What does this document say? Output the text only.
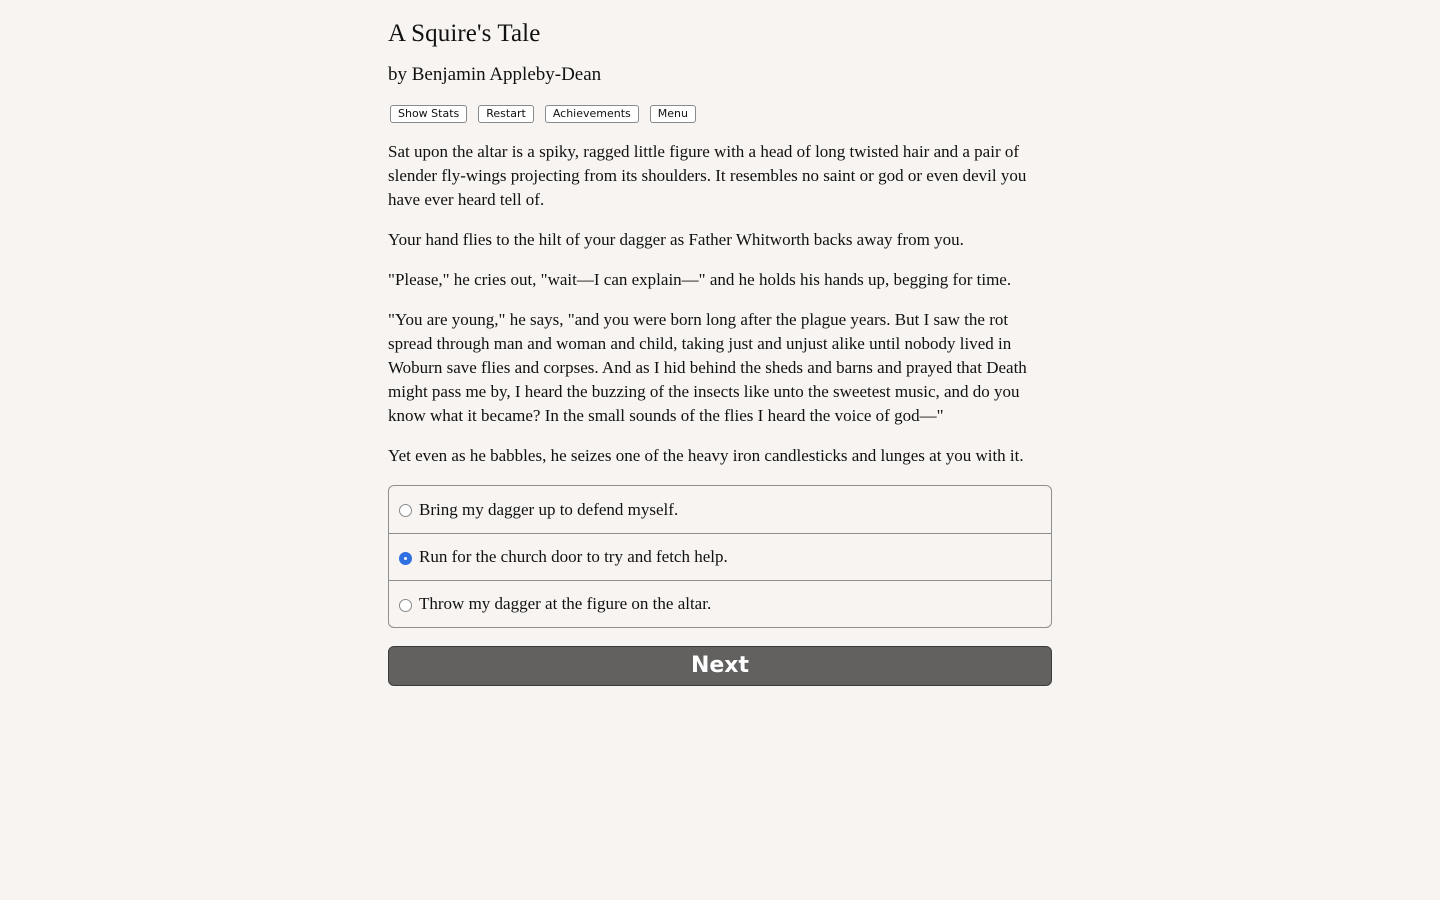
A Squire's Tale
by Benjamin Appleby-Dean
Show Stats	Restart	Achievements	Menu

Sat upon the altar is a spiky, ragged little figure with a head of long twisted hair and a pair of slender fly-wings projecting from its shoulders. It resembles no saint or god or even devil you have ever heard tell of.

Your hand flies to the hilt of your dagger as Father Whitworth backs away from you.

"Please," he cries out, "wait—I can explain—" and he holds his hands up, begging for time.

"You are young," he says, "and you were born long after the plague years. But I saw the rot spread through man and woman and child, taking just and unjust alike until nobody lived in Woburn save flies and corpses. And as I hid behind the sheds and barns and prayed that Death might pass me by, I heard the buzzing of the insects like unto the sweetest music, and do you know what it became? In the small sounds of the flies I heard the voice of god—"

Yet even as he babbles, he seizes one of the heavy iron candlesticks and lunges at you with it.

Bring my dagger up to defend myself.
Run for the church door to try and fetch help.
Throw my dagger at the figure on the altar.
Next
